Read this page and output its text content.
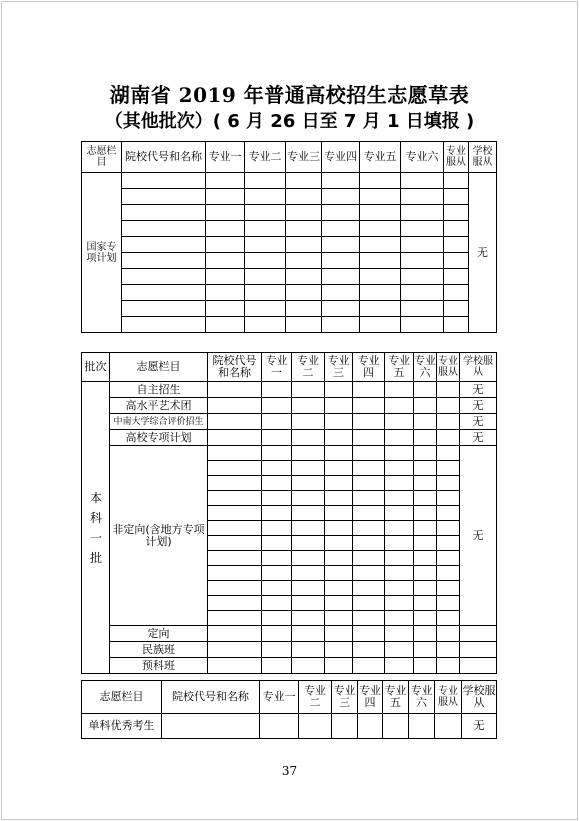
湖南省 2019 年普通高校招生志愿草表
（其他批次）( 6 月 26 日至 7 月 1 日填报 )
志愿栏目	院校代号和名称	专业一	专业二	专业三	专业四	专业五	专业六	专业服从	学校服从
国家专项计划									无

批次	志愿栏目	院校代号和名称	专业一	专业二	专业三	专业四	专业五	专业六	专业服从	学校服从
本科一批	自主招生									无
	高水平艺术团									无
	中南大学综合评价招生									无
	高校专项计划									无
	非定向(含地方专项计划)									无

	定向									
	民族班									
	预科班									
志愿栏目	院校代号和名称	专业一	专业二	专业三	专业四	专业五	专业六	专业服从	学校服从
单科优秀考生									无
37
